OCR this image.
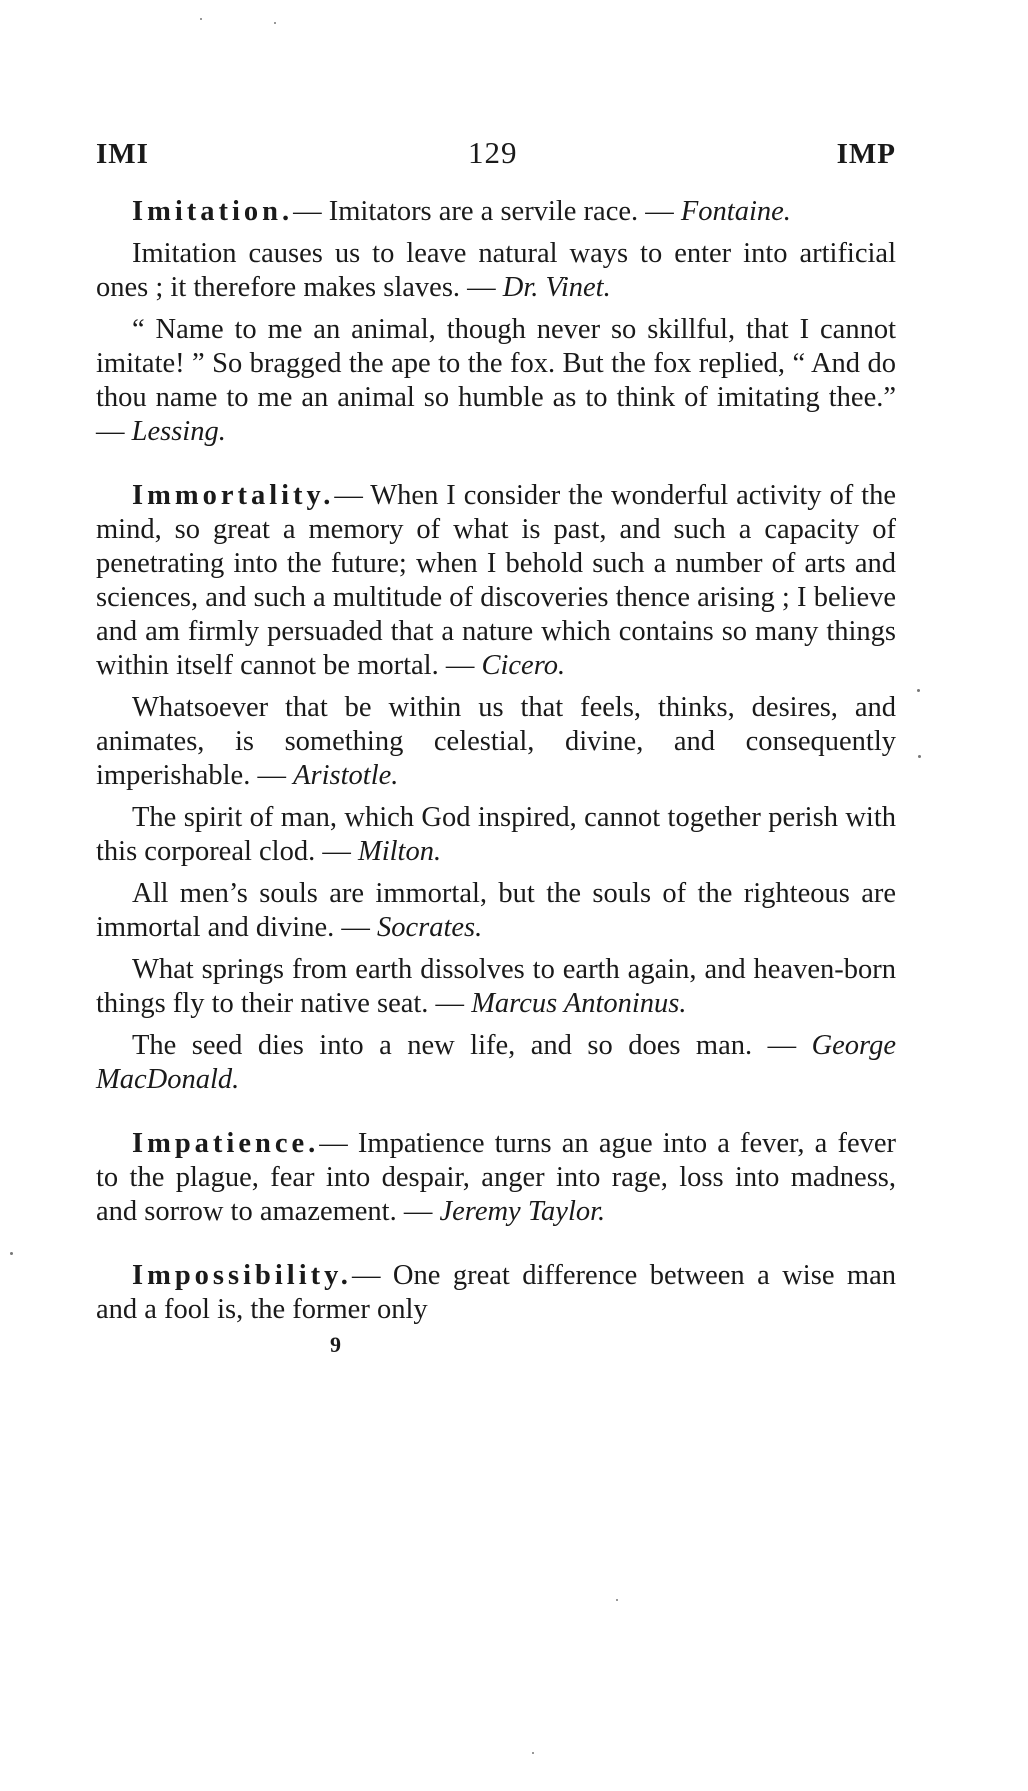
IMI	129	IMP

Imitation.— Imitators are a servile race. — Fontaine.

Imitation causes us to leave natural ways to enter into artificial ones ; it therefore makes slaves. — Dr. Vinet.

“ Name to me an animal, though never so skillful, that I cannot imitate! ” So bragged the ape to the fox. But the fox replied, “ And do thou name to me an animal so humble as to think of imitating thee.” — Lessing.

Immortality.— When I consider the wonderful activity of the mind, so great a memory of what is past, and such a capacity of penetrating into the future; when I behold such a number of arts and sciences, and such a multitude of discoveries thence arising ; I believe and am firmly persuaded that a nature which contains so many things within itself cannot be mortal. — Cicero.

Whatsoever that be within us that feels, thinks, desires, and animates, is something celestial, divine, and consequently imperishable. — Aristotle.

The spirit of man, which God inspired, cannot together perish with this corporeal clod. — Milton.

All men’s souls are immortal, but the souls of the righteous are immortal and divine. — Socrates.

What springs from earth dissolves to earth again, and heaven-born things fly to their native seat. — Marcus Antoninus.

The seed dies into a new life, and so does man. — George MacDonald.

Impatience.— Impatience turns an ague into a fever, a fever to the plague, fear into despair, anger into rage, loss into madness, and sorrow to amazement. — Jeremy Taylor.

Impossibility.— One great difference between a wise man and a fool is, the former only

9
